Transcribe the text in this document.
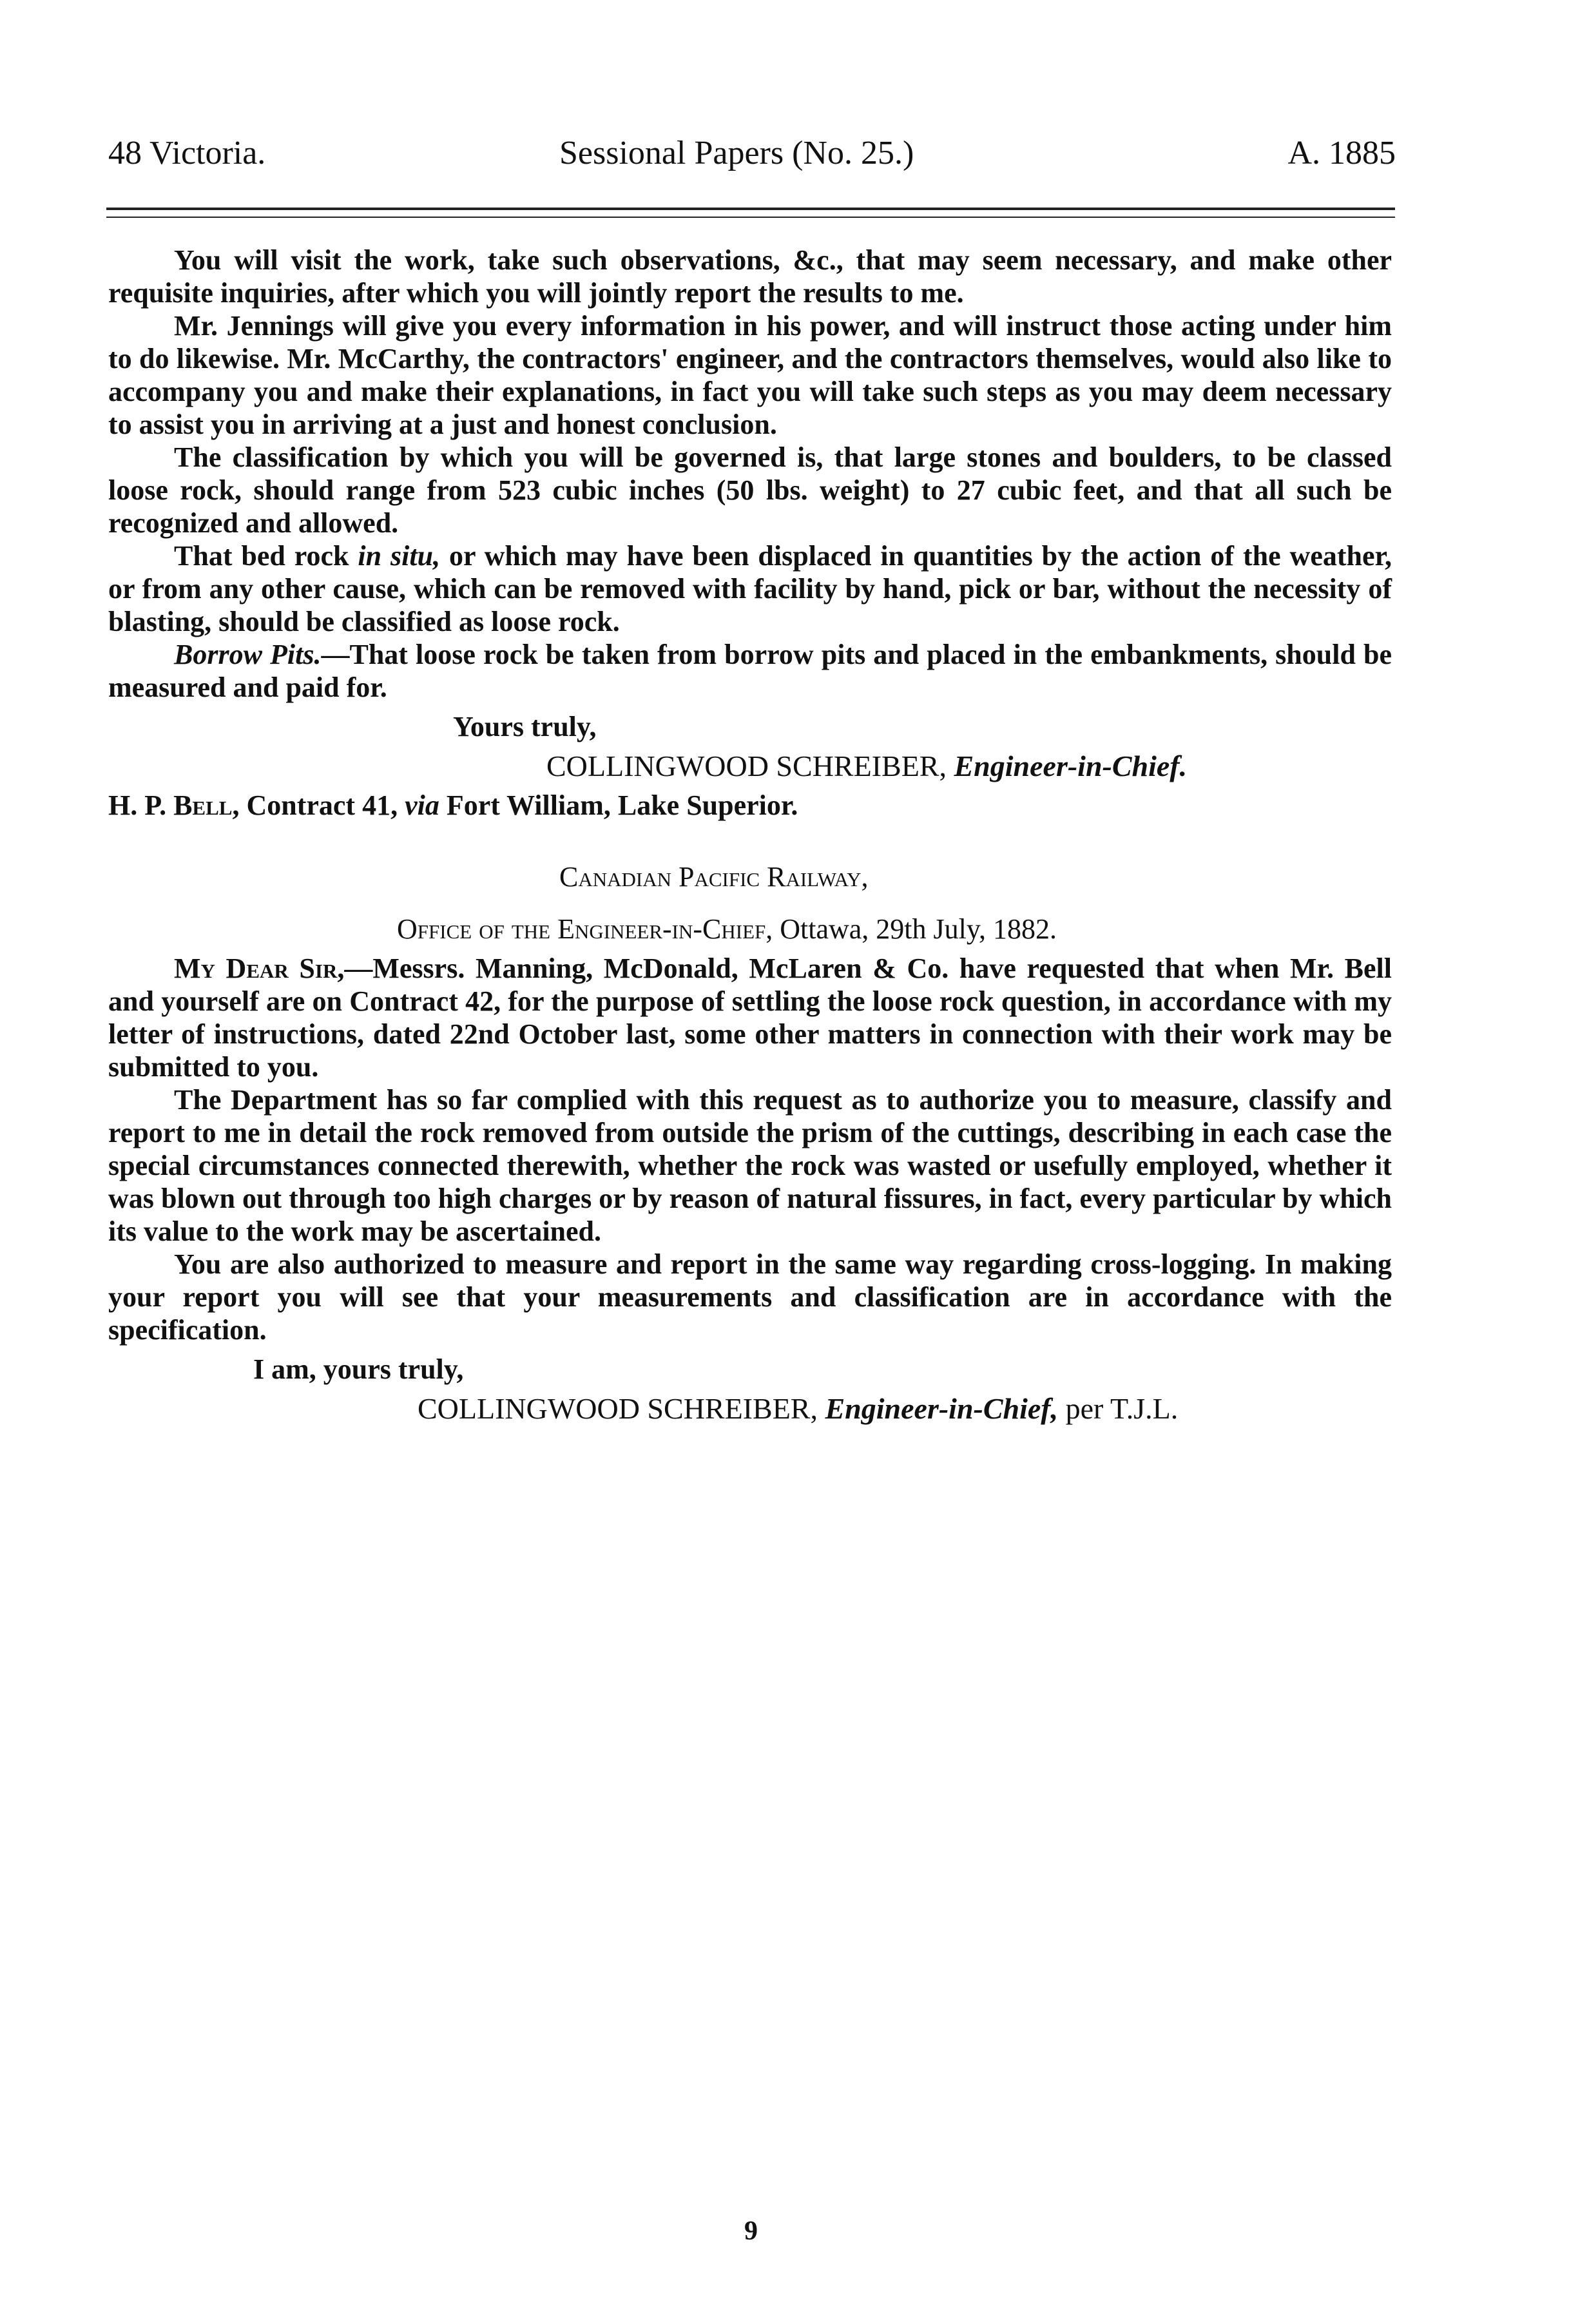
48 Victoria.	Sessional Papers (No. 25.)	A. 1885

You will visit the work, take such observations, &c., that may seem necessary, and make other requisite inquiries, after which you will jointly report the results to me.

Mr. Jennings will give you every information in his power, and will instruct those acting under him to do likewise. Mr. McCarthy, the contractors' engineer, and the contractors themselves, would also like to accompany you and make their explanations, in fact you will take such steps as you may deem necessary to assist you in arriving at a just and honest conclusion.

The classification by which you will be governed is, that large stones and boulders, to be classed loose rock, should range from 523 cubic inches (50 lbs. weight) to 27 cubic feet, and that all such be recognized and allowed.

That bed rock in situ, or which may have been displaced in quantities by the action of the weather, or from any other cause, which can be removed with facility by hand, pick or bar, without the necessity of blasting, should be classified as loose rock.

Borrow Pits.—That loose rock be taken from borrow pits and placed in the embankments, should be measured and paid for.

Yours truly,
COLLINGWOOD SCHREIBER, Engineer-in-Chief.
H. P. Bell, Contract 41, via Fort William, Lake Superior.
Canadian Pacific Railway,
Office of the Engineer-in-Chief, Ottawa, 29th July, 1882.

My Dear Sir,—Messrs. Manning, McDonald, McLaren & Co. have requested that when Mr. Bell and yourself are on Contract 42, for the purpose of settling the loose rock question, in accordance with my letter of instructions, dated 22nd October last, some other matters in connection with their work may be submitted to you.

The Department has so far complied with this request as to authorize you to measure, classify and report to me in detail the rock removed from outside the prism of the cuttings, describing in each case the special circumstances connected therewith, whether the rock was wasted or usefully employed, whether it was blown out through too high charges or by reason of natural fissures, in fact, every particular by which its value to the work may be ascertained.

You are also authorized to measure and report in the same way regarding cross-logging. In making your report you will see that your measurements and classification are in accordance with the specification.

I am, yours truly,
COLLINGWOOD SCHREIBER, Engineer-in-Chief, per T.J.L.
9
